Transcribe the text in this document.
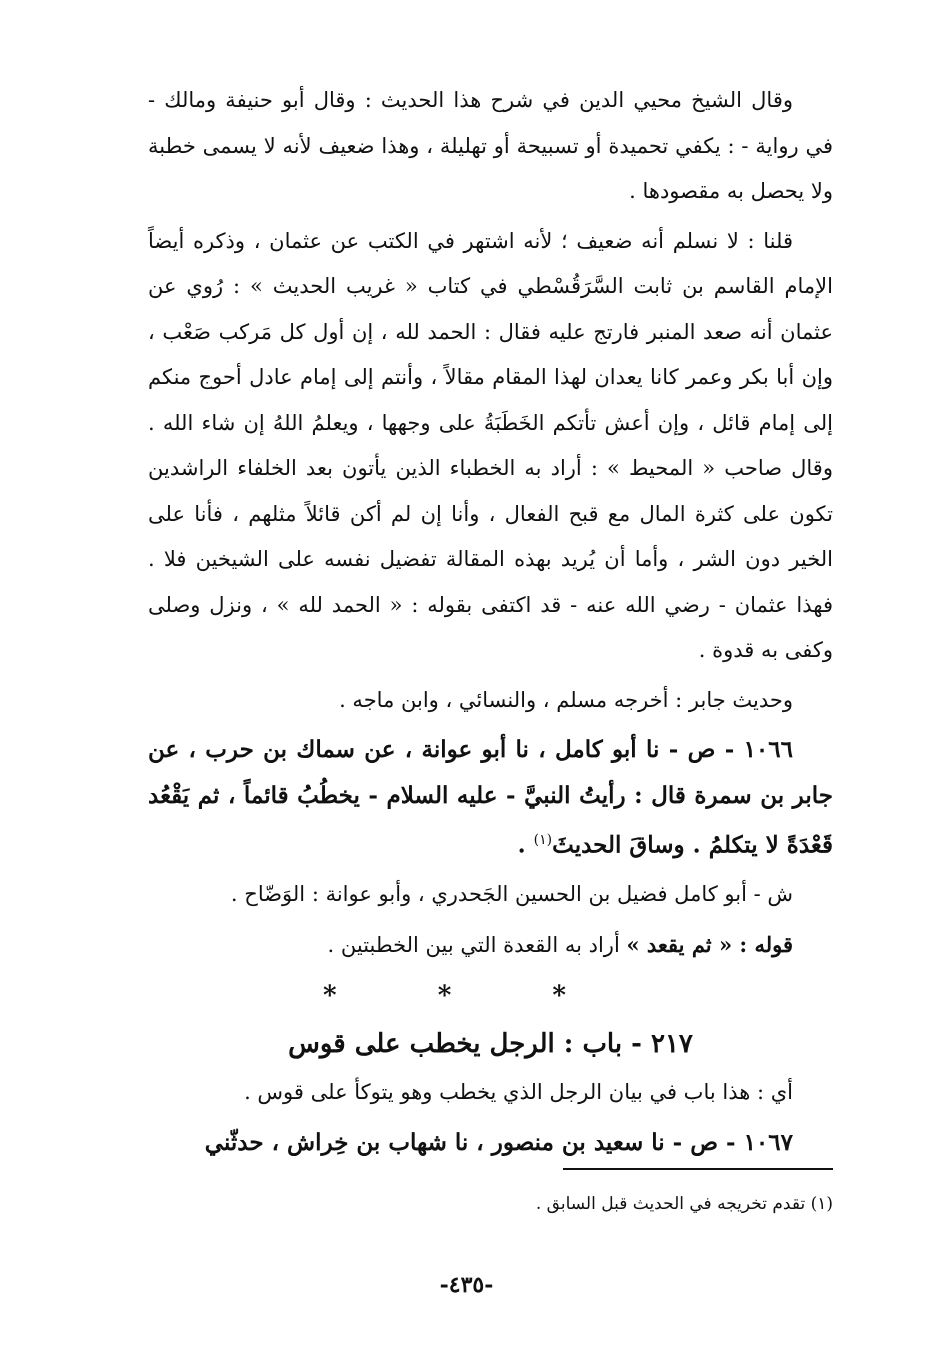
وقال الشيخ محيي الدين في شرح هذا الحديث : وقال أبو حنيفة ومالك - في رواية - : يكفي تحميدة أو تسبيحة أو تهليلة ، وهذا ضعيف لأنه لا يسمى خطبة ولا يحصل به مقصودها .

قلنا : لا نسلم أنه ضعيف ؛ لأنه اشتهر في الكتب عن عثمان ، وذكره أيضاً الإمام القاسم بن ثابت السَّرَقُسْطي في كتاب « غريب الحديث » : رُوي عن عثمان أنه صعد المنبر فارتج عليه فقال : الحمد لله ، إن أول كل مَركب صَعْب ، وإن أبا بكر وعمر كانا يعدان لهذا المقام مقالاً ، وأنتم إلى إمام عادل أحوج منكم إلى إمام قائل ، وإن أعش تأتكم الخَطَبَةُ على وجهها ، ويعلمُ اللهُ إن شاء الله . وقال صاحب « المحيط » : أراد به الخطباء الذين يأتون بعد الخلفاء الراشدين تكون على كثرة المال مع قبح الفعال ، وأنا إن لم أكن قائلاً مثلهم ، فأنا على الخير دون الشر ، وأما أن يُريد بهذه المقالة تفضيل نفسه على الشيخين فلا . فهذا عثمان - رضي الله عنه - قد اكتفى بقوله : « الحمد لله » ، ونزل وصلى وكفى به قدوة .

وحديث جابر : أخرجه مسلم ، والنسائي ، وابن ماجه .

١٠٦٦ - ص - نا أبو كامل ، نا أبو عوانة ، عن سماك بن حرب ، عن جابر بن سمرة قال : رأيتُ النبيَّ - عليه السلام - يخطُبُ قائماً ، ثم يَقْعُد قَعْدَةً لا يتكلمُ . وساقَ الحديثَ$^{(١)}$ .

ش - أبو كامل فضيل بن الحسين الجَحدري ، وأبو عوانة : الوَضّاح .

قوله : « ثم يقعد » أراد به القعدة التي بين الخطبتين .

* * *
٢١٧ - باب : الرجل يخطب على قوس

أي : هذا باب في بيان الرجل الذي يخطب وهو يتوكأ على قوس .

١٠٦٧ - ص - نا سعيد بن منصور ، نا شهاب بن خِراش ، حدثّني

(١) تقدم تخريجه في الحديث قبل السابق .
-٤٣٥-
